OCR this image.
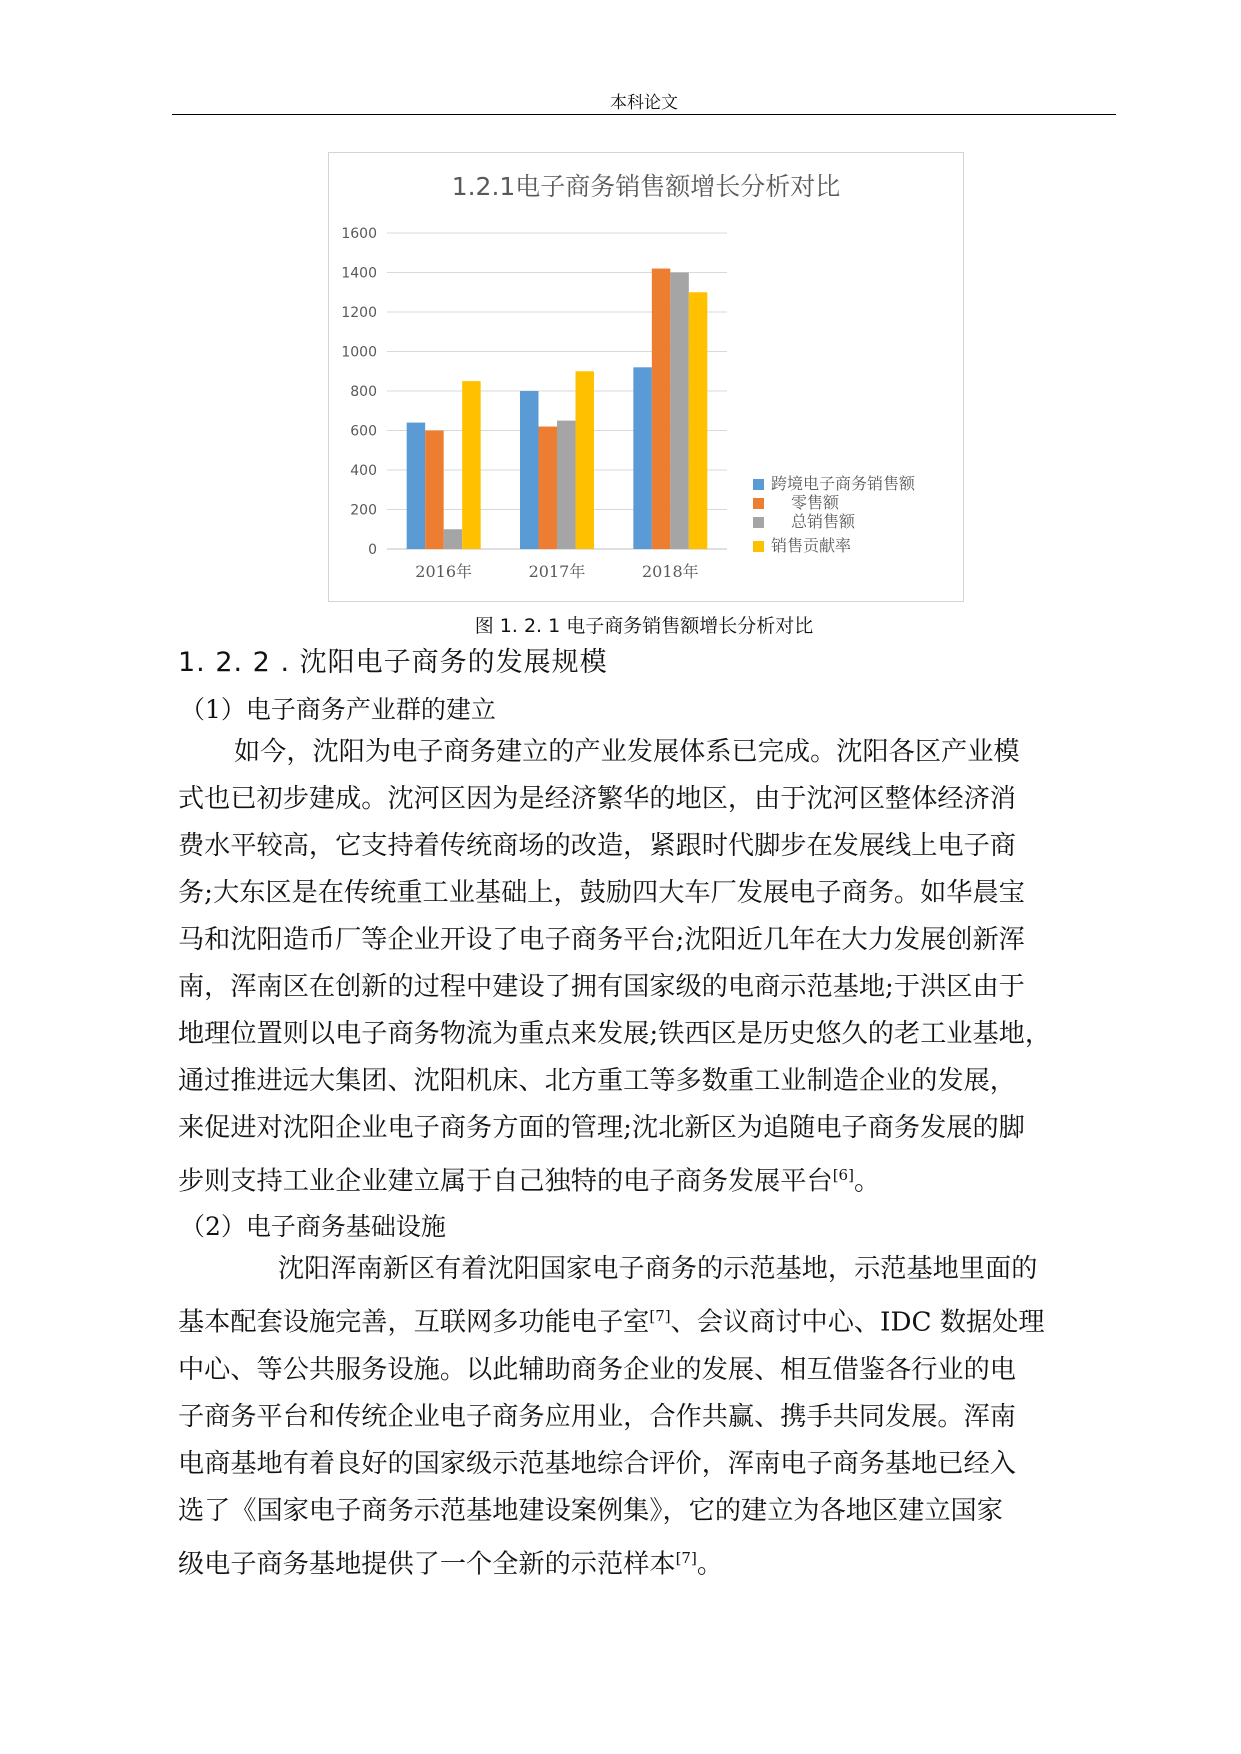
本科论文
1.2.1电子商务销售额增长分析对比
0
200
400
600
800
1000
1200
1400
1600
2016年	2017年	2018年
跨境电子商务销售额
零售额
总销售额
销售贡献率
图 1. 2. 1 电子商务销售额增长分析对比
1. 2. 2 . 沈阳电子商务的发展规模
（1）电子商务产业群的建立
如今，沈阳为电子商务建立的产业发展体系已完成。沈阳各区产业模
式也已初步建成。沈河区因为是经济繁华的地区，由于沈河区整体经济消
费水平较高，它支持着传统商场的改造，紧跟时代脚步在发展线上电子商
务;大东区是在传统重工业基础上，鼓励四大车厂发展电子商务。如华晨宝
马和沈阳造币厂等企业开设了电子商务平台;沈阳近几年在大力发展创新浑
南，浑南区在创新的过程中建设了拥有国家级的电商示范基地;于洪区由于
地理位置则以电子商务物流为重点来发展;铁西区是历史悠久的老工业基地，
通过推进远大集团、沈阳机床、北方重工等多数重工业制造企业的发展，
来促进对沈阳企业电子商务方面的管理;沈北新区为追随电子商务发展的脚
步则支持工业企业建立属于自己独特的电子商务发展平台[6]。
（2）电子商务基础设施
沈阳浑南新区有着沈阳国家电子商务的示范基地，示范基地里面的
基本配套设施完善，互联网多功能电子室[7]、会议商讨中心、IDC 数据处理
中心、等公共服务设施。以此辅助商务企业的发展、相互借鉴各行业的电
子商务平台和传统企业电子商务应用业，合作共赢、携手共同发展。浑南
电商基地有着良好的国家级示范基地综合评价，浑南电子商务基地已经入
选了《国家电子商务示范基地建设案例集》，它的建立为各地区建立国家
级电子商务基地提供了一个全新的示范样本[7]。
